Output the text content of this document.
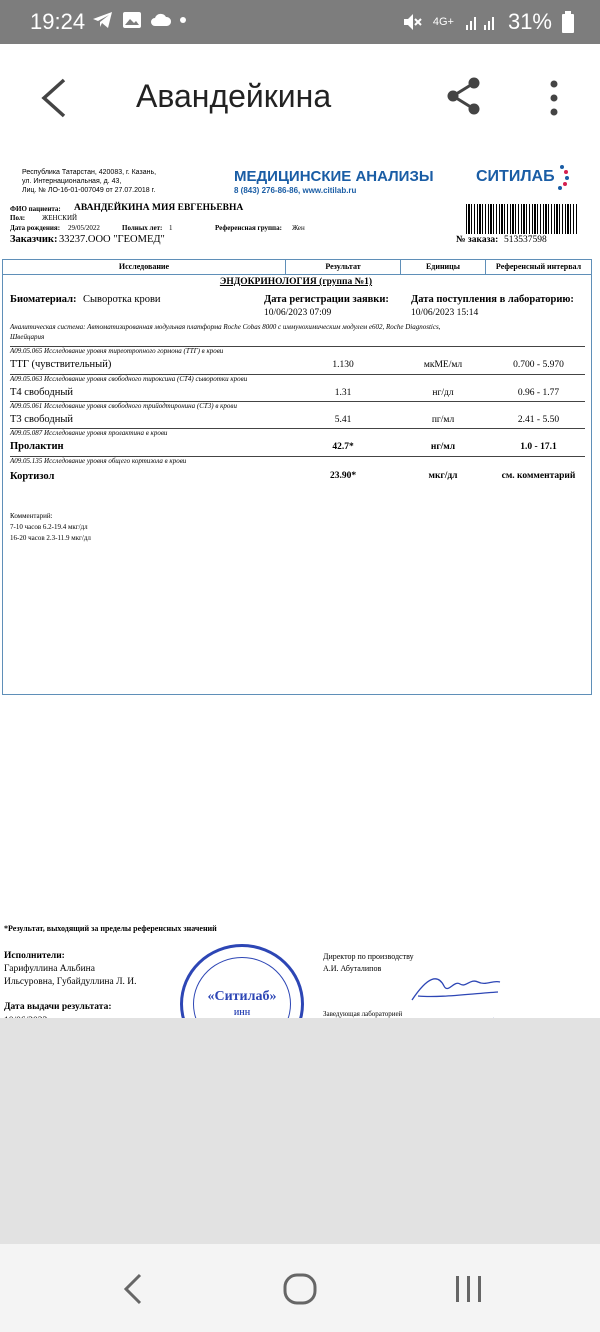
19:24	4G+ 31%
Авандейкина
Республика Татарстан, 420083, г. Казань,
ул. Интернациональная, д. 43,
Лиц. № ЛО-16-01-007049 от 27.07.2018 г.
МЕДИЦИНСКИЕ АНАЛИЗЫ
8 (843) 276-86-86, www.citilab.ru
СИТИЛАБ
ФИО пациента: АВАНДЕЙКИНА МИЯ ЕВГЕНЬЕВНА
Пол: ЖЕНСКИЙ
Дата рождения: 29/05/2022	Полных лет: 1	Референсная группа: Жен
Заказчик: 33237.ООО "ГЕОМЕД"	№ заказа: 513537598
Исследование	Результат	Единицы	Референсный интервал
ЭНДОКРИНОЛОГИЯ (группа №1)
Биоматериал: Сыворотка крови	Дата регистрации заявки:
10/06/2023 07:09
Дата поступления в лабораторию:
10/06/2023 15:14
Аналитическая система: Автоматизированная модульная платформа Roche Cobas 8000 с иммунохимическим модулем е602, Roche Diagnostics,
Швейцария
A09.05.065 Исследование уровня тиреотропного гормона (ТТГ) в крови
ТТГ (чувствительный)	1.130	мкМЕ/мл	0.700 - 5.970
A09.05.063 Исследование уровня свободного тироксина (СТ4) сыворотки крови
Т4 свободный	1.31	нг/дл	0.96 - 1.77
A09.05.061 Исследование уровня свободного трийодтиронина (СТ3) в крови
Т3 свободный	5.41	пг/мл	2.41 - 5.50
A09.05.087 Исследование уровня пролактина в крови
Пролактин	42.7*	нг/мл	1.0 - 17.1
A09.05.135 Исследование уровня общего кортизола в крови
Кортизол	23.90*	мкг/дл	см. комментарий
Комментарий:
7-10 часов 6.2-19.4 мкг/дл
16-20 часов 2.3-11.9 мкг/дл
*Результат, выходящий за пределы референсных значений
Исполнители:
Гарифуллина Альбина
Ильсуровна, Губайдуллина Л. И.
Дата выдачи результата:
«Ситилаб»
ИНН
Директор по производству
А.И. Абуталипов
Заведующая лабораторией
